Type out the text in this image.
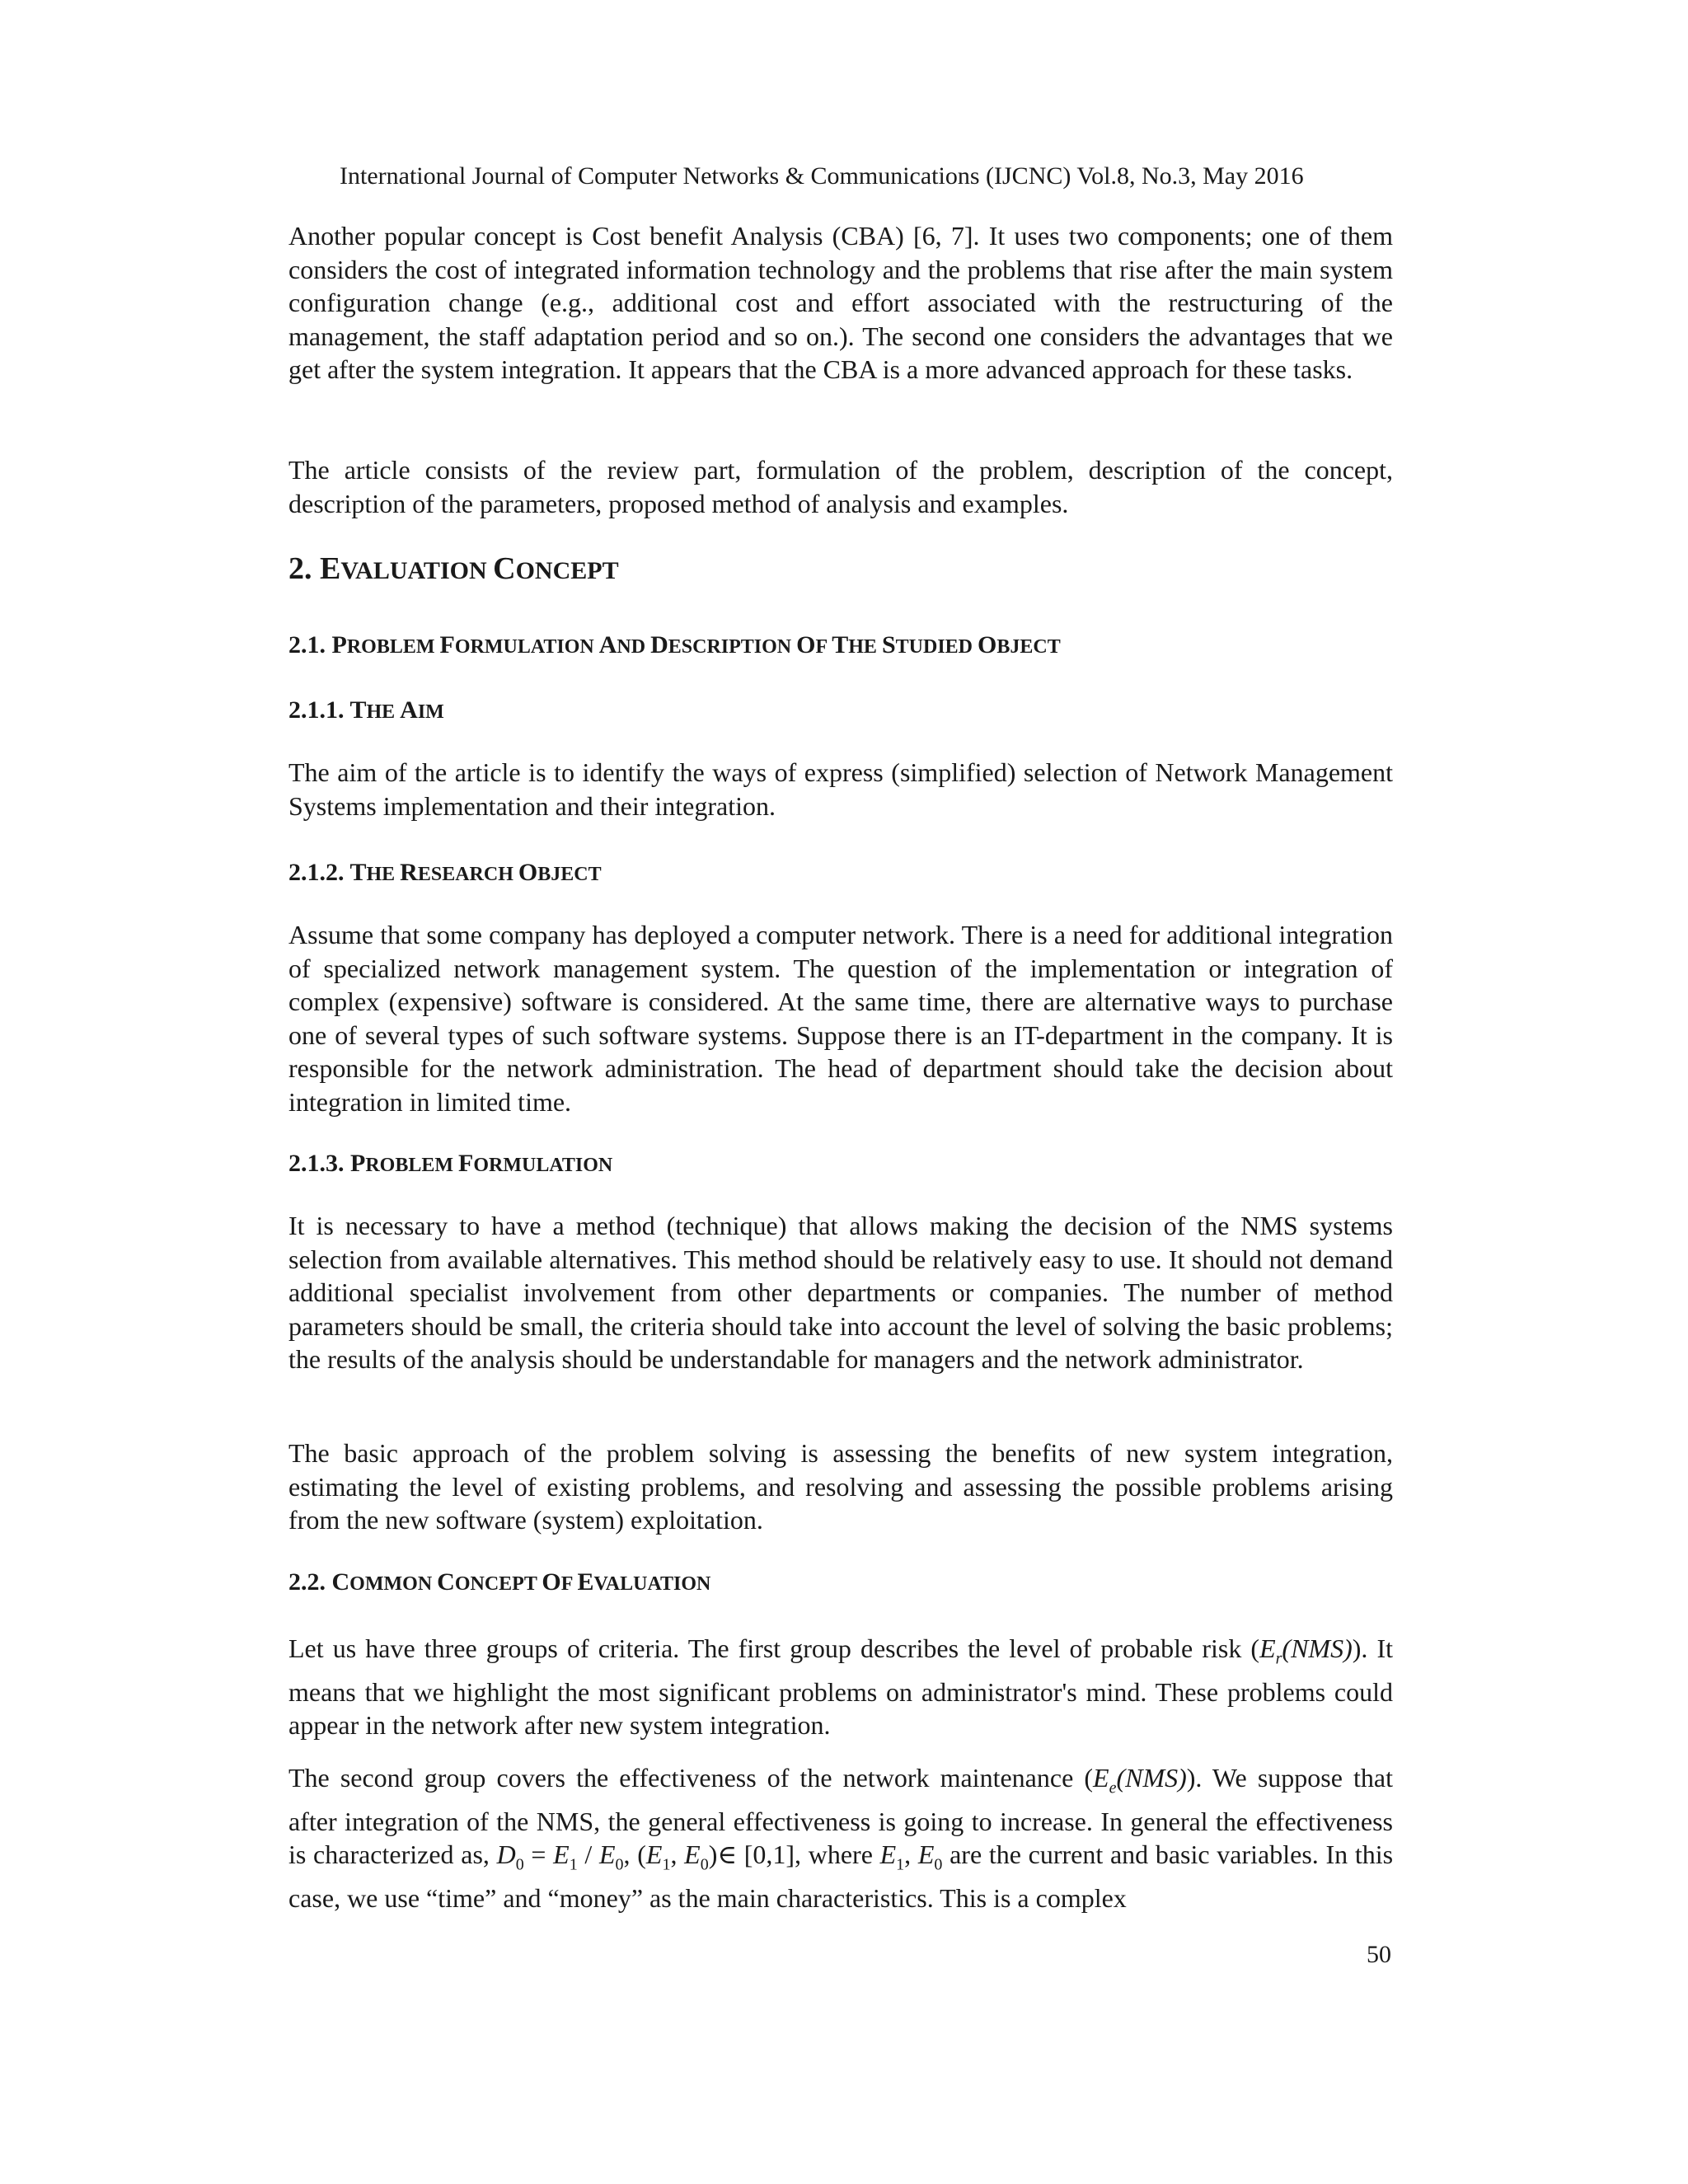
International Journal of Computer Networks & Communications (IJCNC) Vol.8, No.3, May 2016

Another popular concept is Cost benefit Analysis (CBA) [6, 7]. It uses two components; one of them considers the cost of integrated information technology and the problems that rise after the main system configuration change (e.g., additional cost and effort associated with the restructuring of the management, the staff adaptation period and so on.). The second one considers the advantages that we get after the system integration. It appears that the CBA is a more advanced approach for these tasks.

The article consists of the review part, formulation of the problem, description of the concept, description of the parameters, proposed method of analysis and examples.

2. EVALUATION CONCEPT
2.1. PROBLEM FORMULATION AND DESCRIPTION OF THE STUDIED OBJECT
2.1.1. THE AIM

The aim of the article is to identify the ways of express (simplified) selection of Network Management Systems implementation and their integration.

2.1.2. THE RESEARCH OBJECT

Assume that some company has deployed a computer network. There is a need for additional integration of specialized network management system. The question of the implementation or integration of complex (expensive) software is considered. At the same time, there are alternative ways to purchase one of several types of such software systems. Suppose there is an IT-department in the company. It is responsible for the network administration. The head of department should take the decision about integration in limited time.

2.1.3. PROBLEM FORMULATION

It is necessary to have a method (technique) that allows making the decision of the NMS systems selection from available alternatives. This method should be relatively easy to use. It should not demand additional specialist involvement from other departments or companies. The number of method parameters should be small, the criteria should take into account the level of solving the basic problems; the results of the analysis should be understandable for managers and the network administrator.

The basic approach of the problem solving is assessing the benefits of new system integration, estimating the level of existing problems, and resolving and assessing the possible problems arising from the new software (system) exploitation.

2.2. COMMON CONCEPT OF EVALUATION

Let us have three groups of criteria. The first group describes the level of probable risk $(E_r(NMS))$. It means that we highlight the most significant problems on administrator's mind. These problems could appear in the network after new system integration.

The second group covers the effectiveness of the network maintenance $(E_e(NMS))$. We suppose that after integration of the NMS, the general effectiveness is going to increase. In general the effectiveness is characterized as, $D_0 = E_1 / E_0$, ($E_1$, $E_0)\in$ [0,1], where $E_1$, $E_0$ are the current and basic variables. In this case, we use “time” and “money” as the main characteristics. This is a complex

50
